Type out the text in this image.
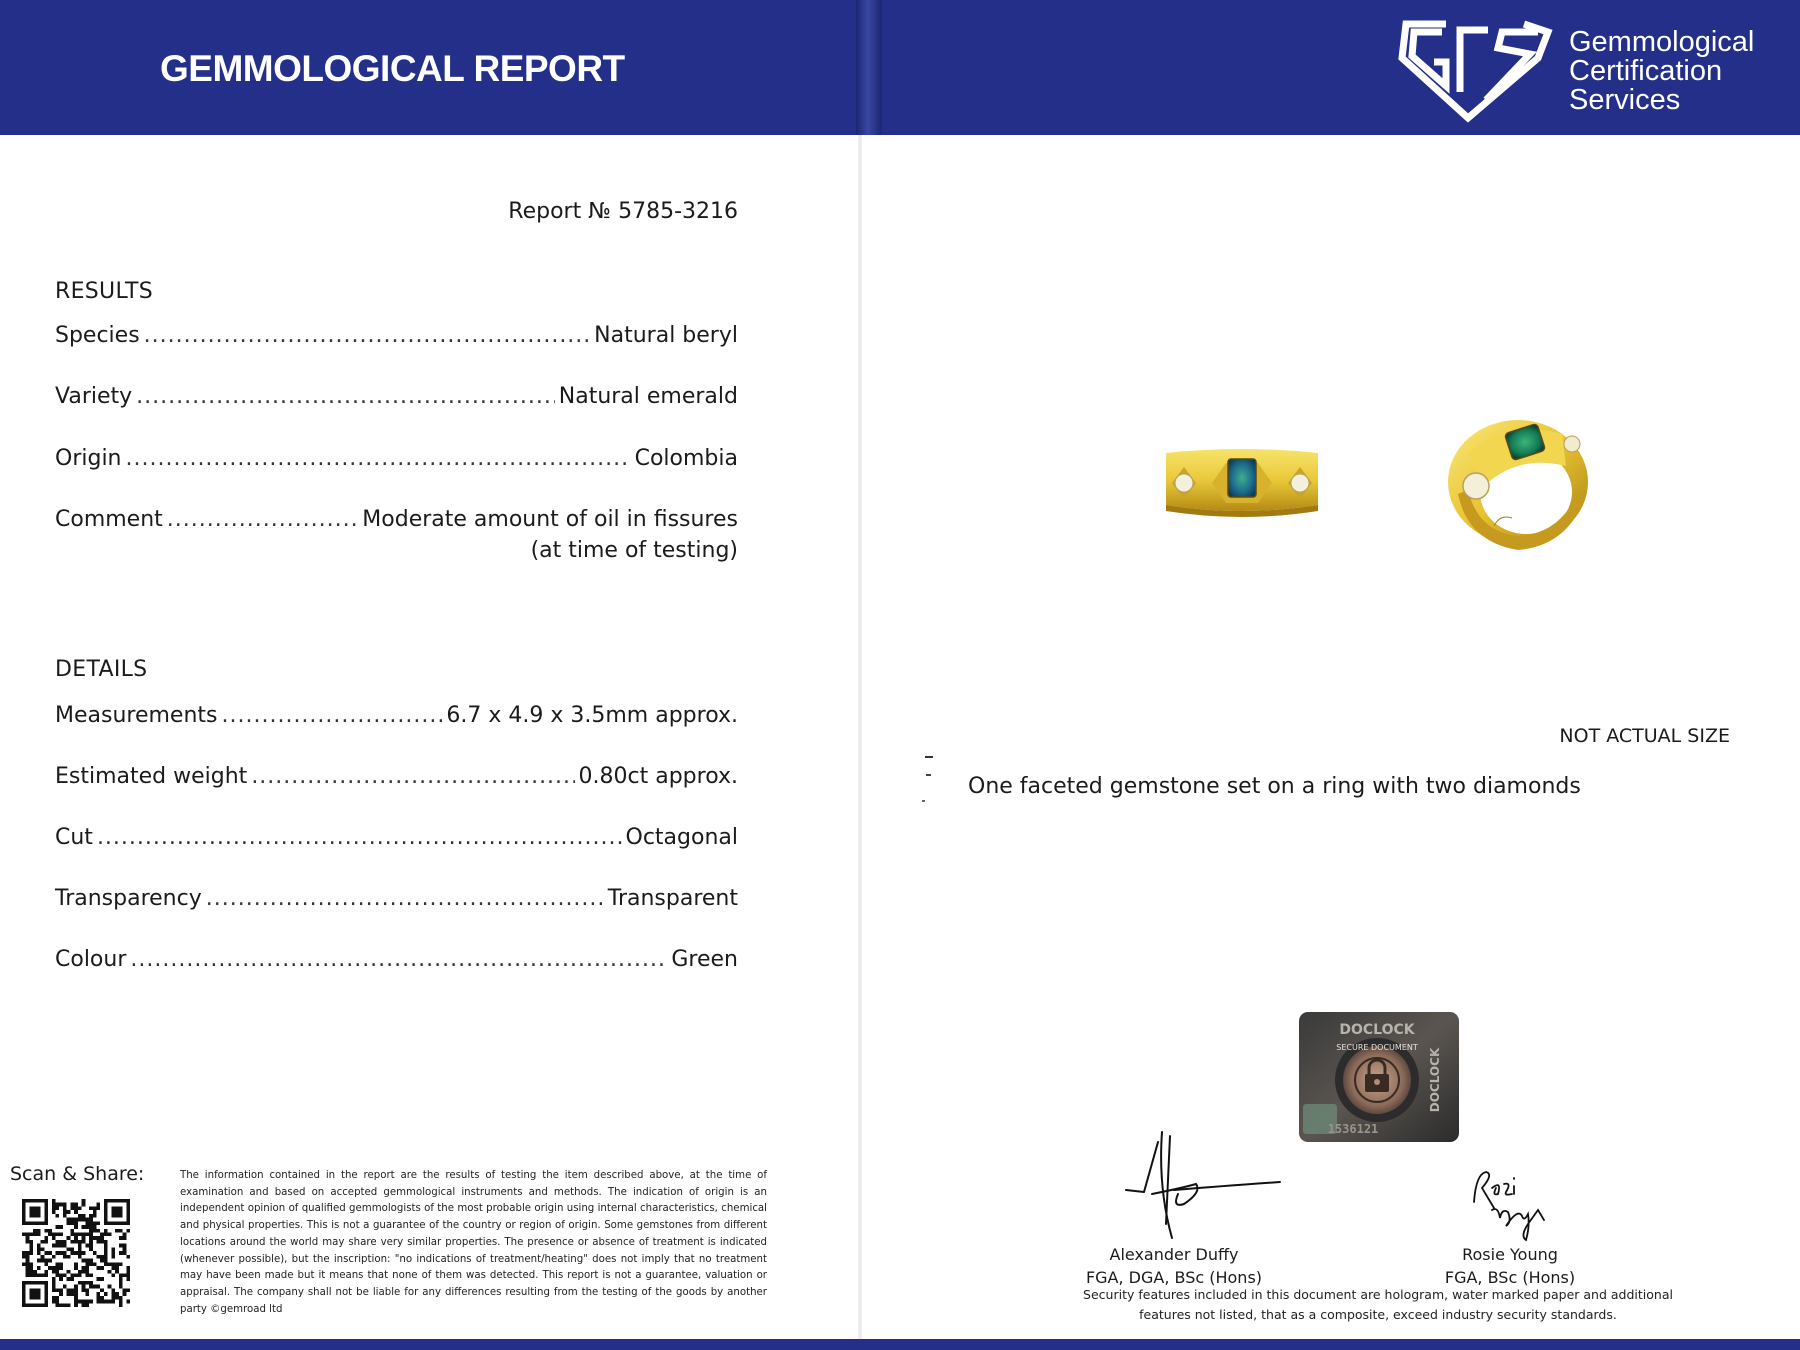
GEMMOLOGICAL REPORT
Gemmological
Certification
Services
Report № 5785-3216
RESULTS
Species .....	Natural beryl
Variety .....	Natural emerald
Origin .....	Colombia
Comment .....	Moderate amount of oil in fissures
(at time of testing)
DETAILS
Measurements .....	6.7 x 4.9 x 3.5mm approx.
Estimated weight .....	0.80ct approx.
Cut .....	Octagonal
Transparency .....	Transparent
Colour .....	Green
Scan & Share:	The information contained in the report are the results of testing the item described above, at the time of examination and based on accepted gemmological instruments and methods. The indication of origin is an independent opinion of qualified gemmologists of the most probable origin using internal characteristics, chemical and physical properties. This is not a guarantee of the country or region of origin. Some gemstones from different locations around the world may share very similar properties. The presence or absence of treatment is indicated (whenever possible), but the inscription: "no indications of treatment/heating" does not imply that no treatment may have been made but it means that none of them was detected. This report is not a guarantee, valuation or appraisal. The company shall not be liable for any differences resulting from the testing of the goods by another party ©gemroad ltd
NOT ACTUAL SIZE
One faceted gemstone set on a ring with two diamonds
DOCLOCK
SECURE DOCUMENT
DOCLOCK
1536121
Alexander Duffy
FGA, DGA, BSc (Hons)
Rosie Young
FGA, BSc (Hons)
Security features included in this document are hologram, water marked paper and additional
features not listed, that as a composite, exceed industry security standards.
